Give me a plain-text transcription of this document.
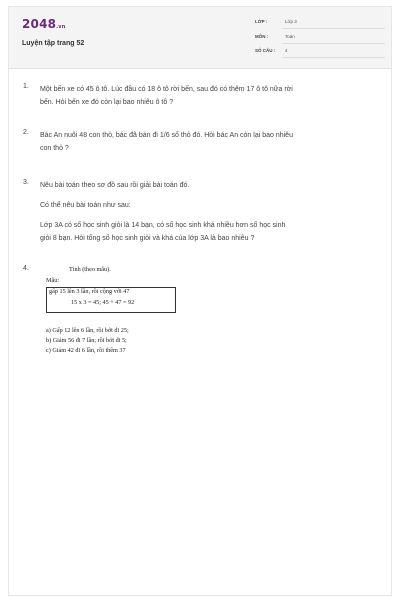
2048.vn
Luyện tập trang 52
LỚP :	Lớp 3
MÔN :	Toán
SỐ CÂU : 4
1. Một bến xe có 45 ô tô. Lúc đầu có 18 ô tô rời bến, sau đó có thêm 17 ô tô nữa rời
bến. Hỏi bến xe đó còn lại bao nhiêu ô tô ?
2. Bác An nuôi 48 con thỏ, bác đã bán đi 1/6 số thỏ đó. Hỏi bác An còn lại bao nhiêu
con thỏ ?
3. Nêu bài toán theo sơ đồ sau rồi giải bài toán đó.
Có thể nêu bài toán như sau:
Lớp 3A có số học sinh giỏi là 14 bạn, có số học sinh khá nhiều hơn số học sinh
giỏi 8 bạn. Hỏi tổng số học sinh giỏi và khá của lớp 3A là bao nhiêu ?
4.	Tính (theo mẫu).
Mẫu:
gấp 15 lên 3 lần, rồi cộng với 47
15 x 3 = 45; 45 + 47 = 92
a) Gấp 12 lên 6 lần, rồi bớt đi 25;
b) Giảm 56 đi 7 lần; rồi bớt đi 5;
c) Giảm 42 đi 6 lần, rồi thêm 37
